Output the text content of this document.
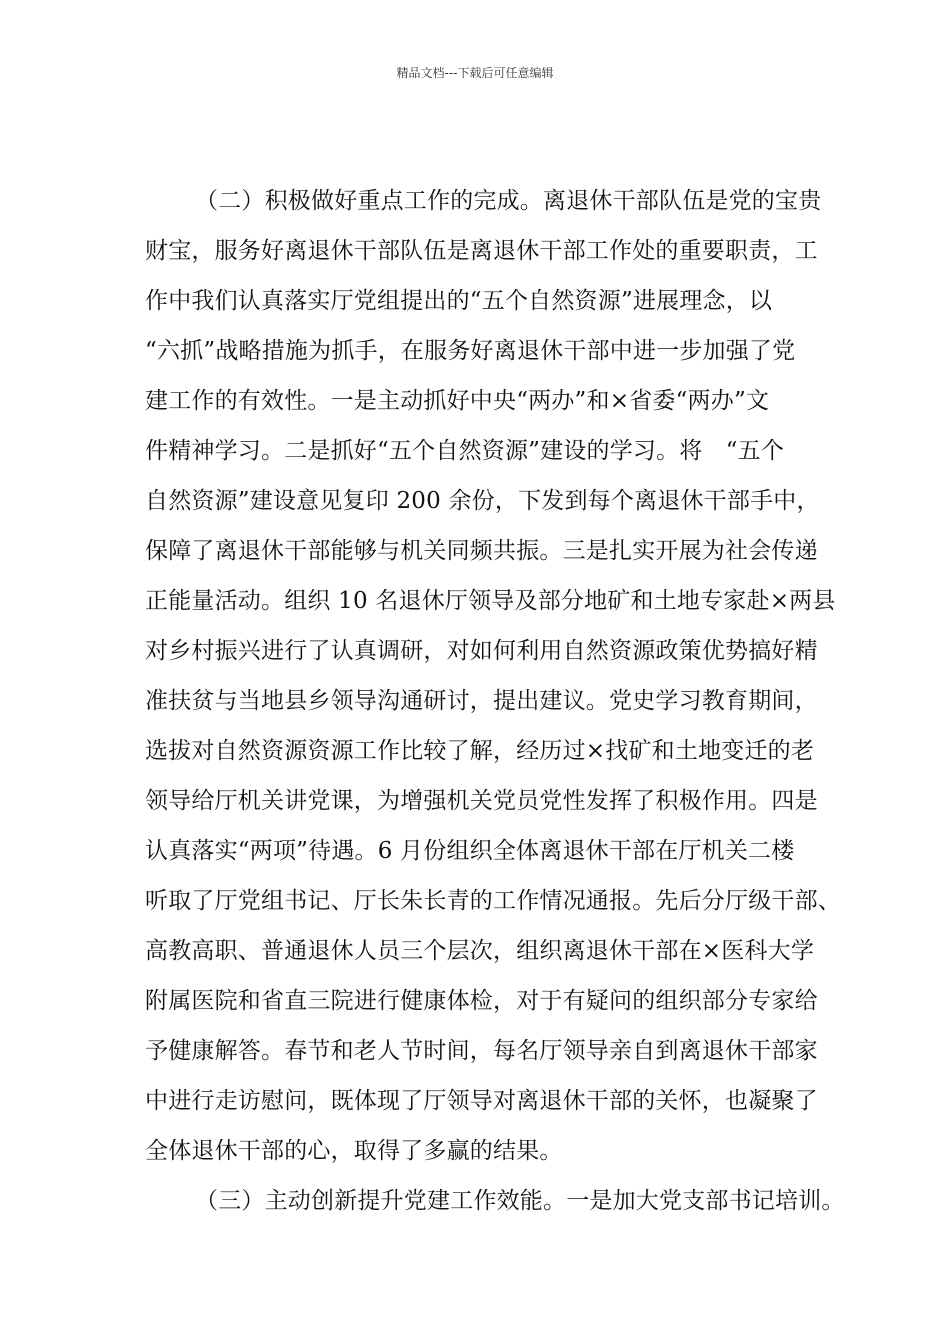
精品文档---下载后可任意编辑
（二）积极做好重点工作的完成。离退休干部队伍是党的宝贵
财宝，服务好离退休干部队伍是离退休干部工作处的重要职责，工
作中我们认真落实厅党组提出的“五个自然资源”进展理念，以
“六抓”战略措施为抓手，在服务好离退休干部中进一步加强了党
建工作的有效性。一是主动抓好中央“两办”和×省委“两办”文
件精神学习。二是抓好“五个自然资源”建设的学习。将　“五个
自然资源”建设意见复印 200 余份，下发到每个离退休干部手中，
保障了离退休干部能够与机关同频共振。三是扎实开展为社会传递
正能量活动。组织 10 名退休厅领导及部分地矿和土地专家赴×两县
对乡村振兴进行了认真调研，对如何利用自然资源政策优势搞好精
准扶贫与当地县乡领导沟通研讨，提出建议。党史学习教育期间，
选拔对自然资源资源工作比较了解，经历过×找矿和土地变迁的老
领导给厅机关讲党课，为增强机关党员党性发挥了积极作用。四是
认真落实“两项”待遇。6 月份组织全体离退休干部在厅机关二楼
听取了厅党组书记、厅长朱长青的工作情况通报。先后分厅级干部、
高教高职、普通退休人员三个层次，组织离退休干部在×医科大学
附属医院和省直三院进行健康体检，对于有疑问的组织部分专家给
予健康解答。春节和老人节时间，每名厅领导亲自到离退休干部家
中进行走访慰问，既体现了厅领导对离退休干部的关怀，也凝聚了
全体退休干部的心，取得了多赢的结果。
（三）主动创新提升党建工作效能。一是加大党支部书记培训。
